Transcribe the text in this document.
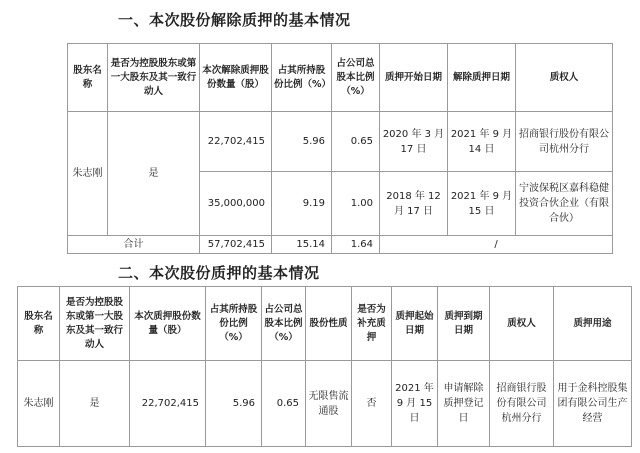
一、本次股份解除质押的基本情况
股东名称	是否为控股股东或第一大股东及其一致行动人	本次解除质押股份数量（股）	占其所持股份比例（%）	占公司总股本比例（%）	质押开始日期	解除质押日期	质权人
朱志刚	是	22,702,415	5.96	0.65	2020 年 3 月 17 日	2021 年 9 月 14 日	招商银行股份有限公司杭州分行
		35,000,000	9.19	1.00	2018 年 12 月 17 日	2021 年 9 月 15 日	宁波保税区嘉科稳健投资合伙企业（有限合伙）
合计		57,702,415	15.14	1.64	/		
二、本次股份质押的基本情况
股东名称	是否为控股股东或第一大股东及其一致行动人	本次质押股份数量（股）	占其所持股份比例（%）	占公司总股本比例（%）	股份性质	是否为补充质押	质押起始日期	质押到期日期	质权人	质押用途
朱志刚	是	22,702,415	5.96	0.65	无限售流通股	否	2021 年 9 月 15 日	申请解除质押登记日	招商银行股份有限公司杭州分行	用于金科控股集团有限公司生产经营
